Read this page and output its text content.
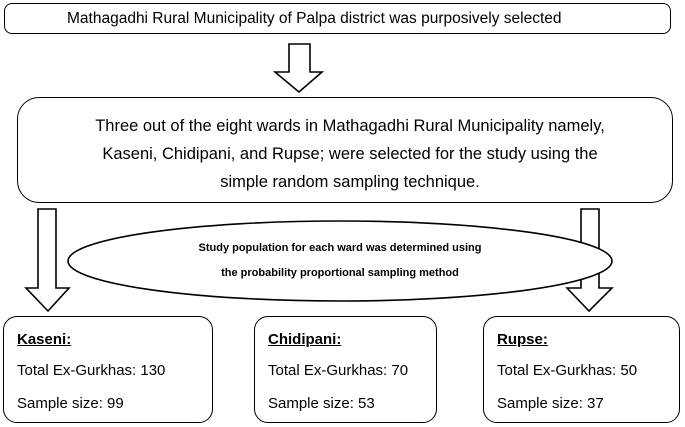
Mathagadhi Rural Municipality of Palpa district was purposively selected
Three out of the eight wards in Mathagadhi Rural Municipality namely,
Kaseni, Chidipani, and Rupse; were selected for the study using the
simple random sampling technique.
Study population for each ward was determined using
the probability proportional sampling method
Kaseni:
Total Ex-Gurkhas: 130
Sample size: 99
Chidipani:
Total Ex-Gurkhas: 70
Sample size: 53
Rupse:
Total Ex-Gurkhas: 50
Sample size: 37
